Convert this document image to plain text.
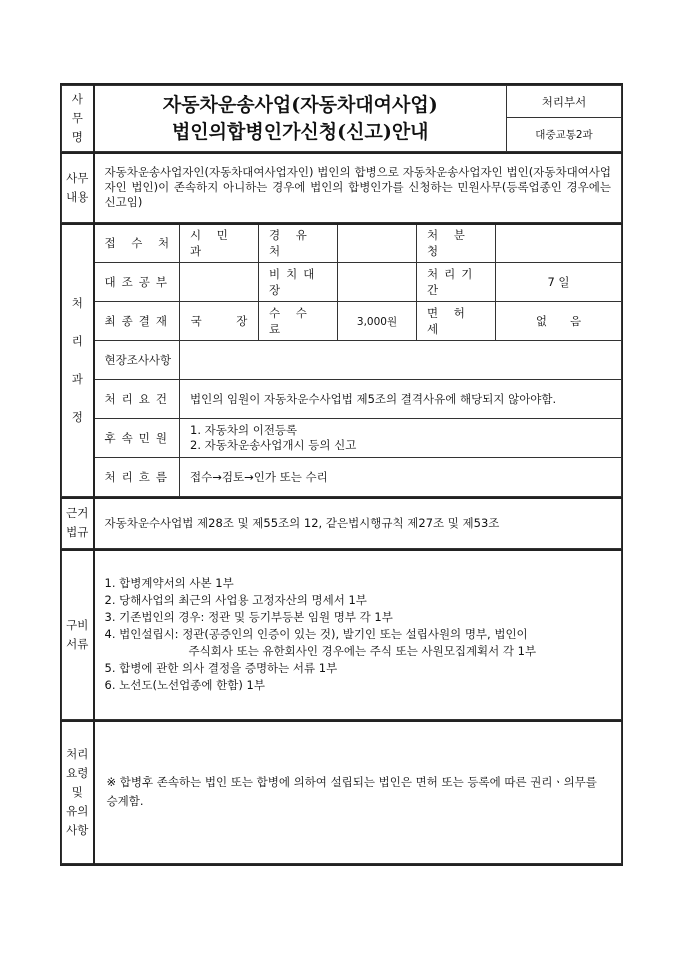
사
무
명	
자동차운송사업(자동차대여사업)
법인의합병인가신청(신고)안내
	처리부서
대중교통2과
사무
내용	자동차운송사업자인(자동차대여사업자인) 법인의 합병으로 자동차운송사업자인 법인(자동차대여사업자인 법인)이 존속하지 아니하는 경우에 법인의 합병인가를 신청하는 민원사무(등록업종인 경우에는 신고임)
처

리

과

정	접 수 처	시 민 과	경 유 처		처 분 청	
	대조공부		비치대장		처리기간	7 일
	최종결재	국　　　장	수 수 료	3,000원	면 허 세	없　　음
	현장조사사항					
	처리요건	법인의 임원이 자동차운수사업법 제5조의 결격사유에 해당되지 않아야함.				
	후속민원	1. 자동차의 이전등록
2. 자동차운송사업개시 등의 신고				

	처리흐름	접수→검토→인가 또는 수리				
근거
법규	자동차운수사업법 제28조 및 제55조의 12, 같은법시행규칙 제27조 및 제53조
구비
서류	
1. 합병계약서의 사본 1부
2. 당해사업의 최근의 사업용 고정자산의 명세서 1부
3. 기존법인의 경우: 정관 및 등기부등본 임원 명부 각 1부
4. 법인설립시: 정관(공증인의 인증이 있는 것), 발기인 또는 설립사원의 명부, 법인이
주식회사 또는 유한회사인 경우에는 주식 또는 사원모집계획서 각 1부
5. 합병에 관한 의사 결정을 증명하는 서류 1부
6. 노선도(노선업종에 한함) 1부
처리
요령
및
유의
사항	※ 합병후 존속하는 법인 또는 합병에 의하여 설립되는 법인은 면허 또는 등록에 따른 권리ㆍ의무를 승계함.
